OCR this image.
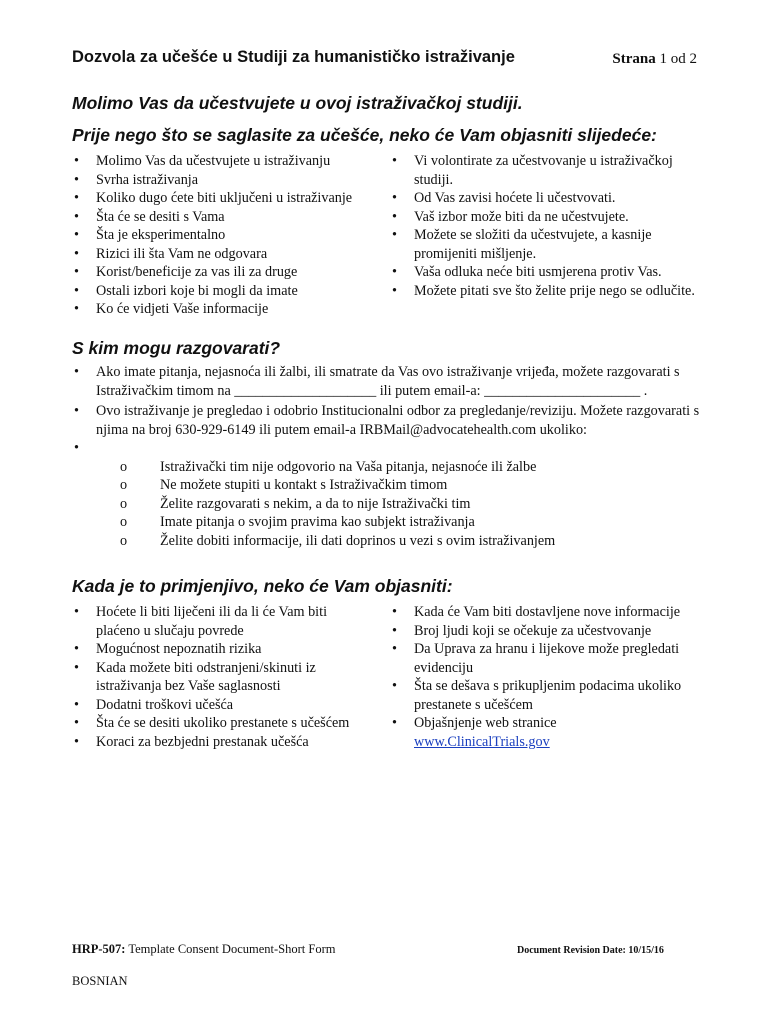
Dozvola za učešće u Studiji za humanističko istraživanje	Strana 1 od 2
Molimo Vas da učestvujete u ovoj istraživačkoj studiji.
Prije nego što se saglasite za učešće, neko će Vam objasniti slijedeće:
• Molimo Vas da učestvujete u istraživanju
• Svrha istraživanja
• Koliko dugo ćete biti uključeni u istraživanje
• Šta će se desiti s Vama
• Šta je eksperimentalno
• Rizici ili šta Vam ne odgovara
• Korist/beneficije za vas ili za druge
• Ostali izbori koje bi mogli da imate
• Ko će vidjeti Vaše informacije
• Vi volontirate za učestvovanje u istraživačkoj studiji.
• Od Vas zavisi hoćete li učestvovati.
• Vaš izbor može biti da ne učestvujete.
• Možete se složiti da učestvujete, a kasnije promijeniti mišljenje.
• Vaša odluka neće biti usmjerena protiv Vas.
• Možete pitati sve što želite prije nego se odlučite.
S kim mogu razgovarati?
• Ako imate pitanja, nejasnoća ili žalbi, ili smatrate da Vas ovo istraživanje vrijeđa, možete razgovarati s Istraživačkim timom na ____________________ ili putem email-a: ______________________ .
• Ovo istraživanje je pregledao i odobrio Institucionalni odbor za pregledanje/reviziju. Možete razgovarati s njima na broj 630-929-6149 ili putem email-a IRBMail@advocatehealth.com ukoliko:
•
o Istraživački tim nije odgovorio na Vaša pitanja, nejasnoće ili žalbe
o Ne možete stupiti u kontakt s Istraživačkim timom
o Želite razgovarati s nekim, a da to nije Istraživački tim
o Imate pitanja o svojim pravima kao subjekt istraživanja
o Želite dobiti informacije, ili dati doprinos u vezi s ovim istraživanjem
Kada je to primjenjivo, neko će Vam objasniti:
• Hoćete li biti liječeni ili da li će Vam biti plaćeno u slučaju povrede
• Mogućnost nepoznatih rizika
• Kada možete biti odstranjeni/skinuti iz istraživanja bez Vaše saglasnosti
• Dodatni troškovi učešća
• Šta će se desiti ukoliko prestanete s učešćem
• Koraci za bezbjedni prestanak učešća
• Kada će Vam biti dostavljene nove informacije
• Broj ljudi koji se očekuje za učestvovanje
• Da Uprava za hranu i lijekove može pregledati evidenciju
• Šta se dešava s prikupljenim podacima ukoliko prestanete s učešćem
• Objašnjenje web stranice www.ClinicalTrials.gov
HRP-507: Template Consent Document-Short Form	Document Revision Date: 10/15/16
BOSNIAN
